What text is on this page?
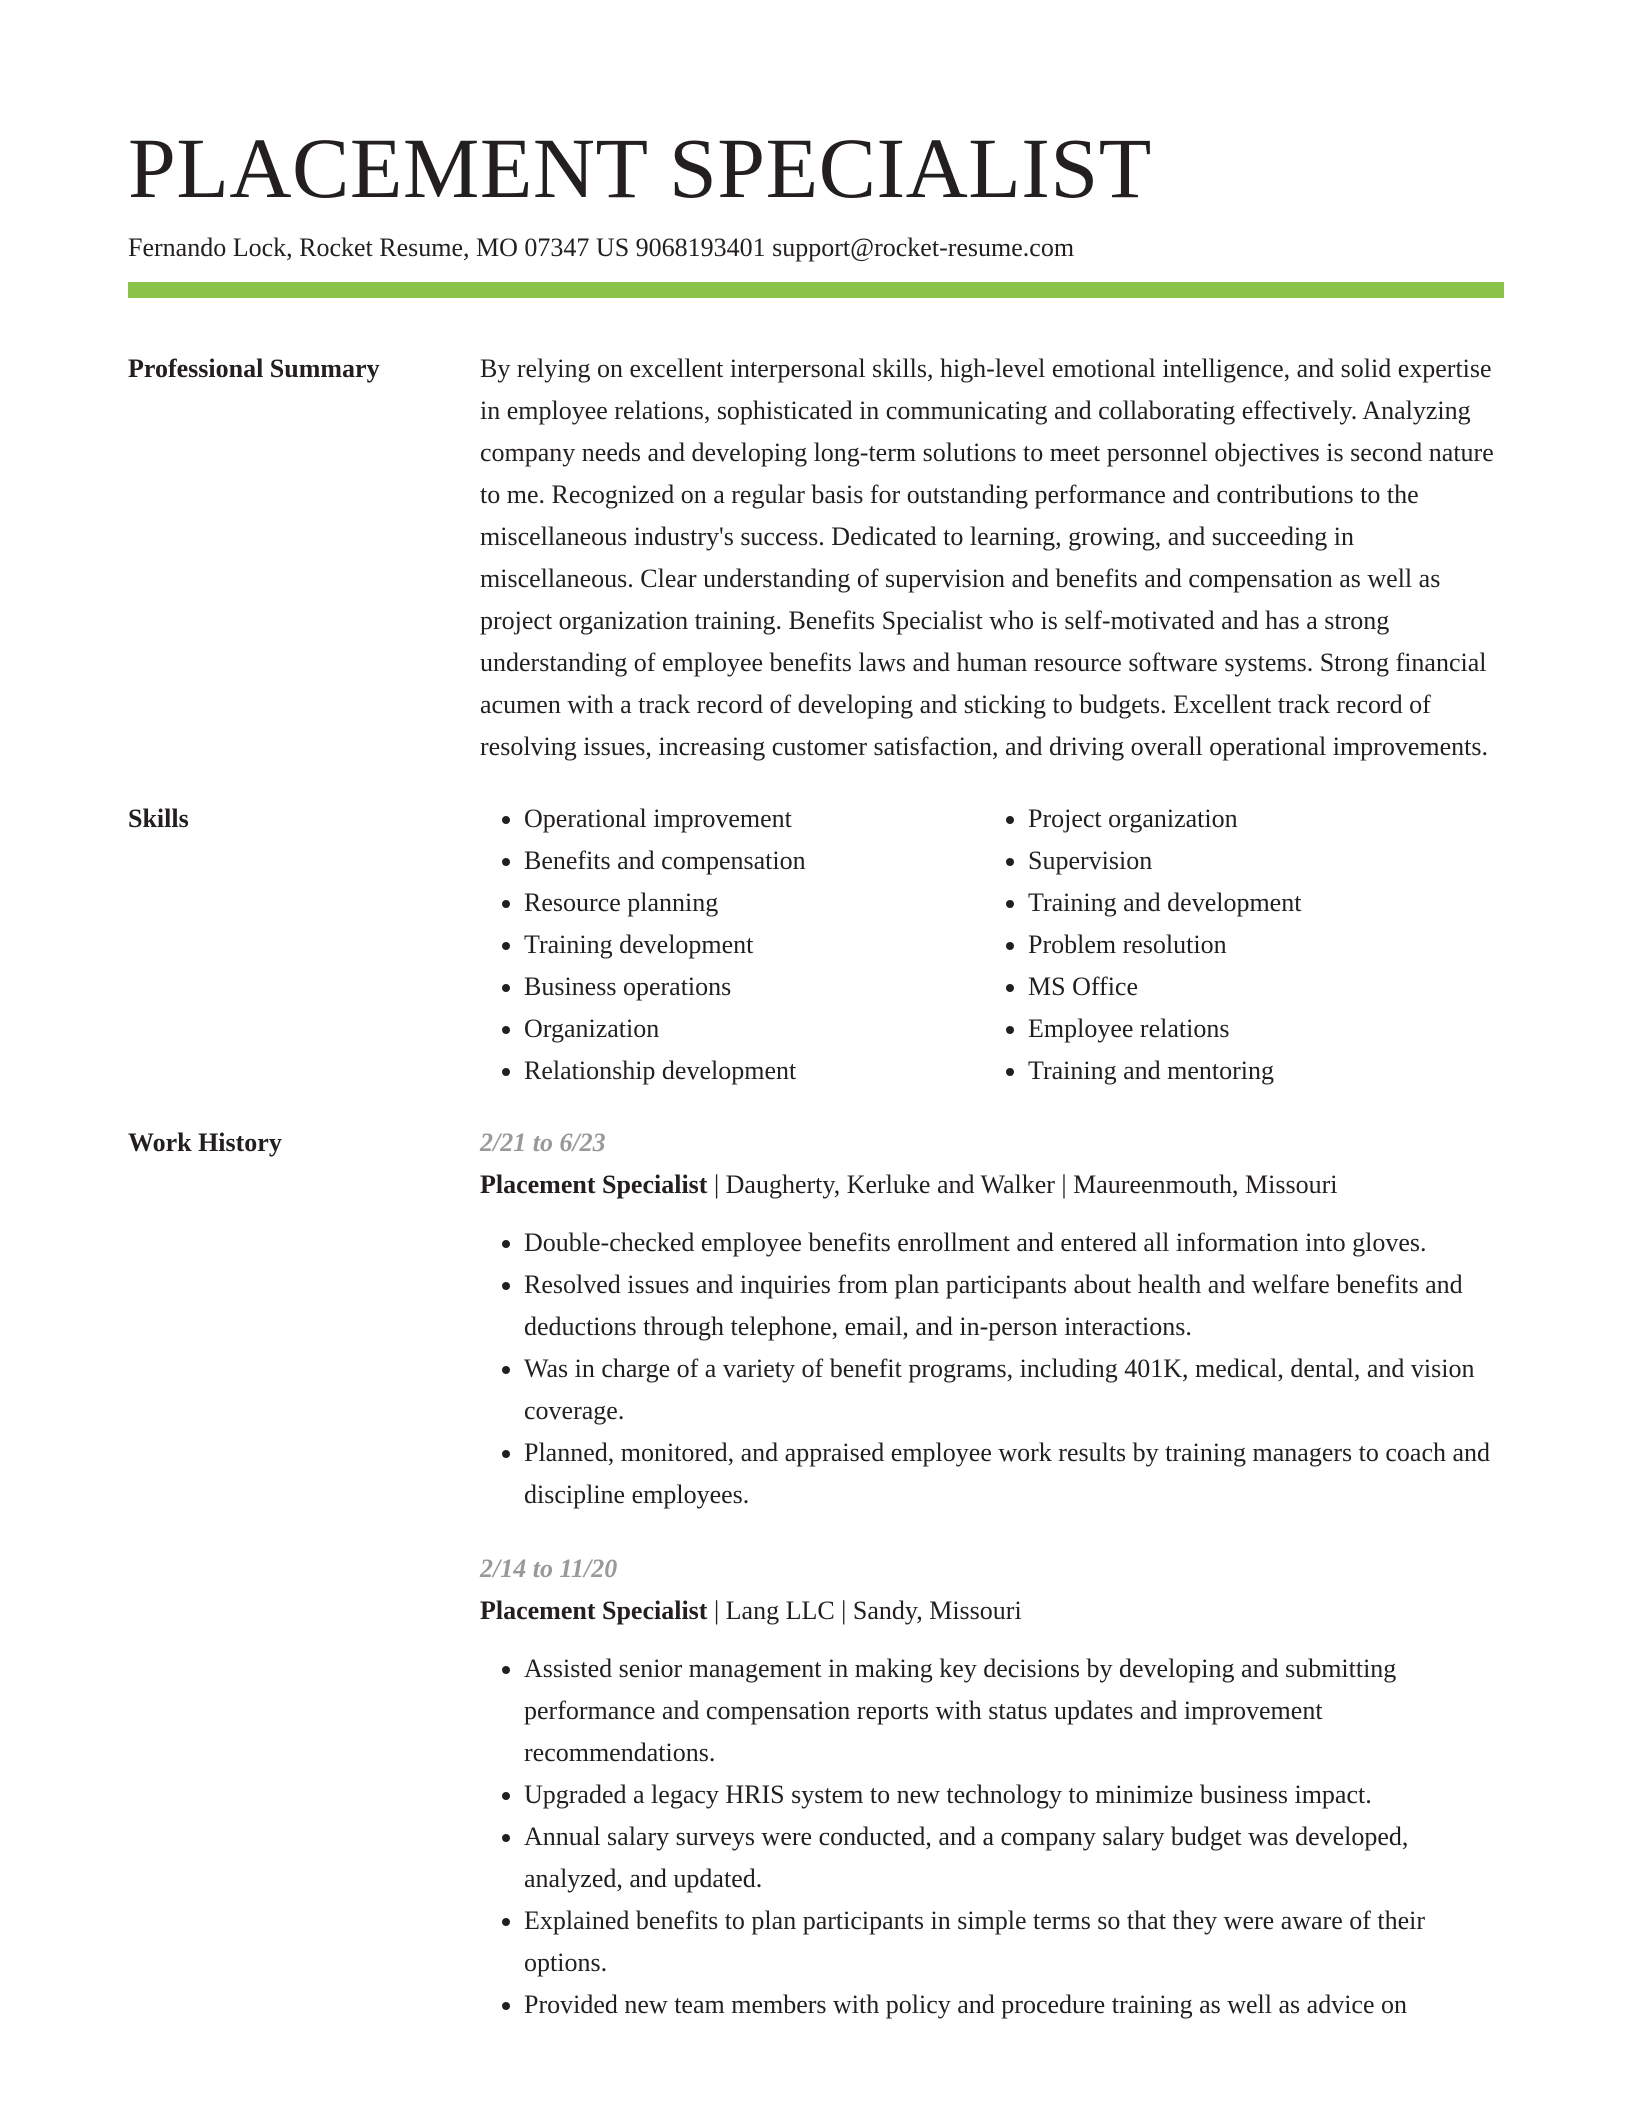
PLACEMENT SPECIALIST
Fernando Lock, Rocket Resume, MO 07347 US 9068193401 support@rocket-resume.com
Professional Summary	By relying on excellent interpersonal skills, high-level emotional intelligence, and solid expertise in employee relations, sophisticated in communicating and collaborating effectively. Analyzing company needs and developing long-term solutions to meet personnel objectives is second nature to me. Recognized on a regular basis for outstanding performance and contributions to the miscellaneous industry's success. Dedicated to learning, growing, and succeeding in miscellaneous. Clear understanding of supervision and benefits and compensation as well as project organization training. Benefits Specialist who is self-motivated and has a strong understanding of employee benefits laws and human resource software systems. Strong financial acumen with a track record of developing and sticking to budgets. Excellent track record of resolving issues, increasing customer satisfaction, and driving overall operational improvements.

Skills
•	Operational improvement
• Benefits and compensation
• Resource planning
• Training development
• Business operations
• Organization
• Relationship development
• Project organization
• Supervision
• Training and development
• Problem resolution
• MS Office
• Employee relations
• Training and mentoring
Work History	2/21 to 6/23
Placement Specialist | Daugherty, Kerluke and Walker | Maureenmouth, Missouri
• Double-checked employee benefits enrollment and entered all information into gloves.
• Resolved issues and inquiries from plan participants about health and welfare benefits and deductions through telephone, email, and in-person interactions.
• Was in charge of a variety of benefit programs, including 401K, medical, dental, and vision coverage.
• Planned, monitored, and appraised employee work results by training managers to coach and discipline employees.
2/14 to 11/20
Placement Specialist | Lang LLC | Sandy, Missouri
• Assisted senior management in making key decisions by developing and submitting performance and compensation reports with status updates and improvement recommendations.
• Upgraded a legacy HRIS system to new technology to minimize business impact.
• Annual salary surveys were conducted, and a company salary budget was developed, analyzed, and updated.
• Explained benefits to plan participants in simple terms so that they were aware of their options.
• Provided new team members with policy and procedure training as well as advice on
